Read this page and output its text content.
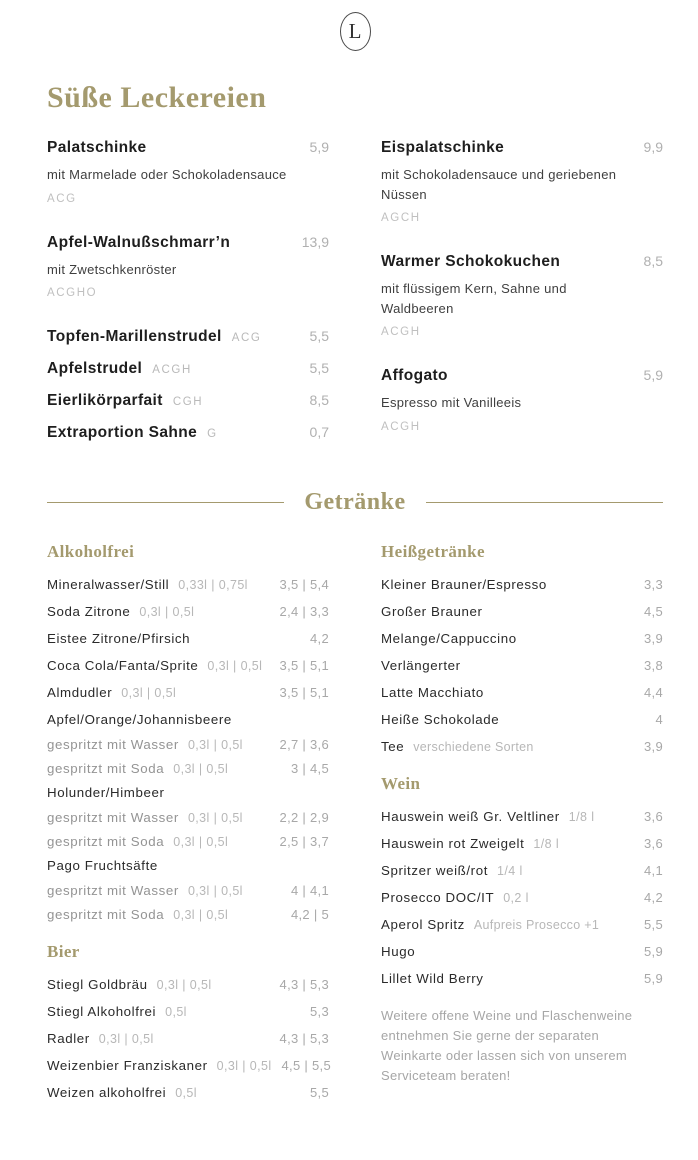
L
Süße Leckereien
Palatschinke	5,9
mit Marmelade oder Schokoladensauce
ACG
Apfel-Walnußschmarr’n	13,9
mit Zwetschkenröster
ACGHO
Topfen-Marillenstrudel ACG	5,5
Apfelstrudel ACGH	5,5
Eierlikörparfait CGH	8,5
Extraportion Sahne G	0,7
Eispalatschinke	9,9
mit Schokoladensauce und geriebenen Nüssen
AGCH
Warmer Schokokuchen	8,5
mit flüssigem Kern, Sahne und Waldbeeren
ACGH
Affogato	5,9
Espresso mit Vanilleeis
ACGH
Getränke
Alkoholfrei
Mineralwasser/Still 0,33l | 0,75l	3,5 | 5,4
Soda Zitrone 0,3l | 0,5l	2,4 | 3,3
Eistee Zitrone/Pfirsich	4,2
Coca Cola/Fanta/Sprite 0,3l | 0,5l	3,5 | 5,1
Almdudler 0,3l | 0,5l	3,5 | 5,1
Apfel/Orange/Johannisbeere
gespritzt mit Wasser 0,3l | 0,5l	2,7 | 3,6
gespritzt mit Soda 0,3l | 0,5l	3 | 4,5
Holunder/Himbeer
gespritzt mit Wasser 0,3l | 0,5l	2,2 | 2,9
gespritzt mit Soda 0,3l | 0,5l	2,5 | 3,7
Pago Fruchtsäfte
gespritzt mit Wasser 0,3l | 0,5l	4 | 4,1
gespritzt mit Soda 0,3l | 0,5l	4,2 | 5
Bier
Stiegl Goldbräu 0,3l | 0,5l	4,3 | 5,3
Stiegl Alkoholfrei 0,5l	5,3
Radler 0,3l | 0,5l	4,3 | 5,3
Weizenbier Franziskaner 0,3l | 0,5l 4,5 | 5,5
Weizen alkoholfrei 0,5l	5,5
Heißgetränke
Kleiner Brauner/Espresso	3,3
Großer Brauner	4,5
Melange/Cappuccino	3,9
Verlängerter	3,8
Latte Macchiato	4,4
Heiße Schokolade	4
Tee verschiedene Sorten	3,9
Wein
Hauswein weiß Gr. Veltliner 1/8 l	3,6
Hauswein rot Zweigelt 1/8 l	3,6
Spritzer weiß/rot 1/4 l	4,1
Prosecco DOC/IT 0,2 l	4,2
Aperol Spritz Aufpreis Prosecco +1	5,5
Hugo	5,9
Lillet Wild Berry	5,9

Weitere offene Weine und Flaschenweine entnehmen Sie gerne der separaten Weinkarte oder lassen sich von unserem Serviceteam beraten!
